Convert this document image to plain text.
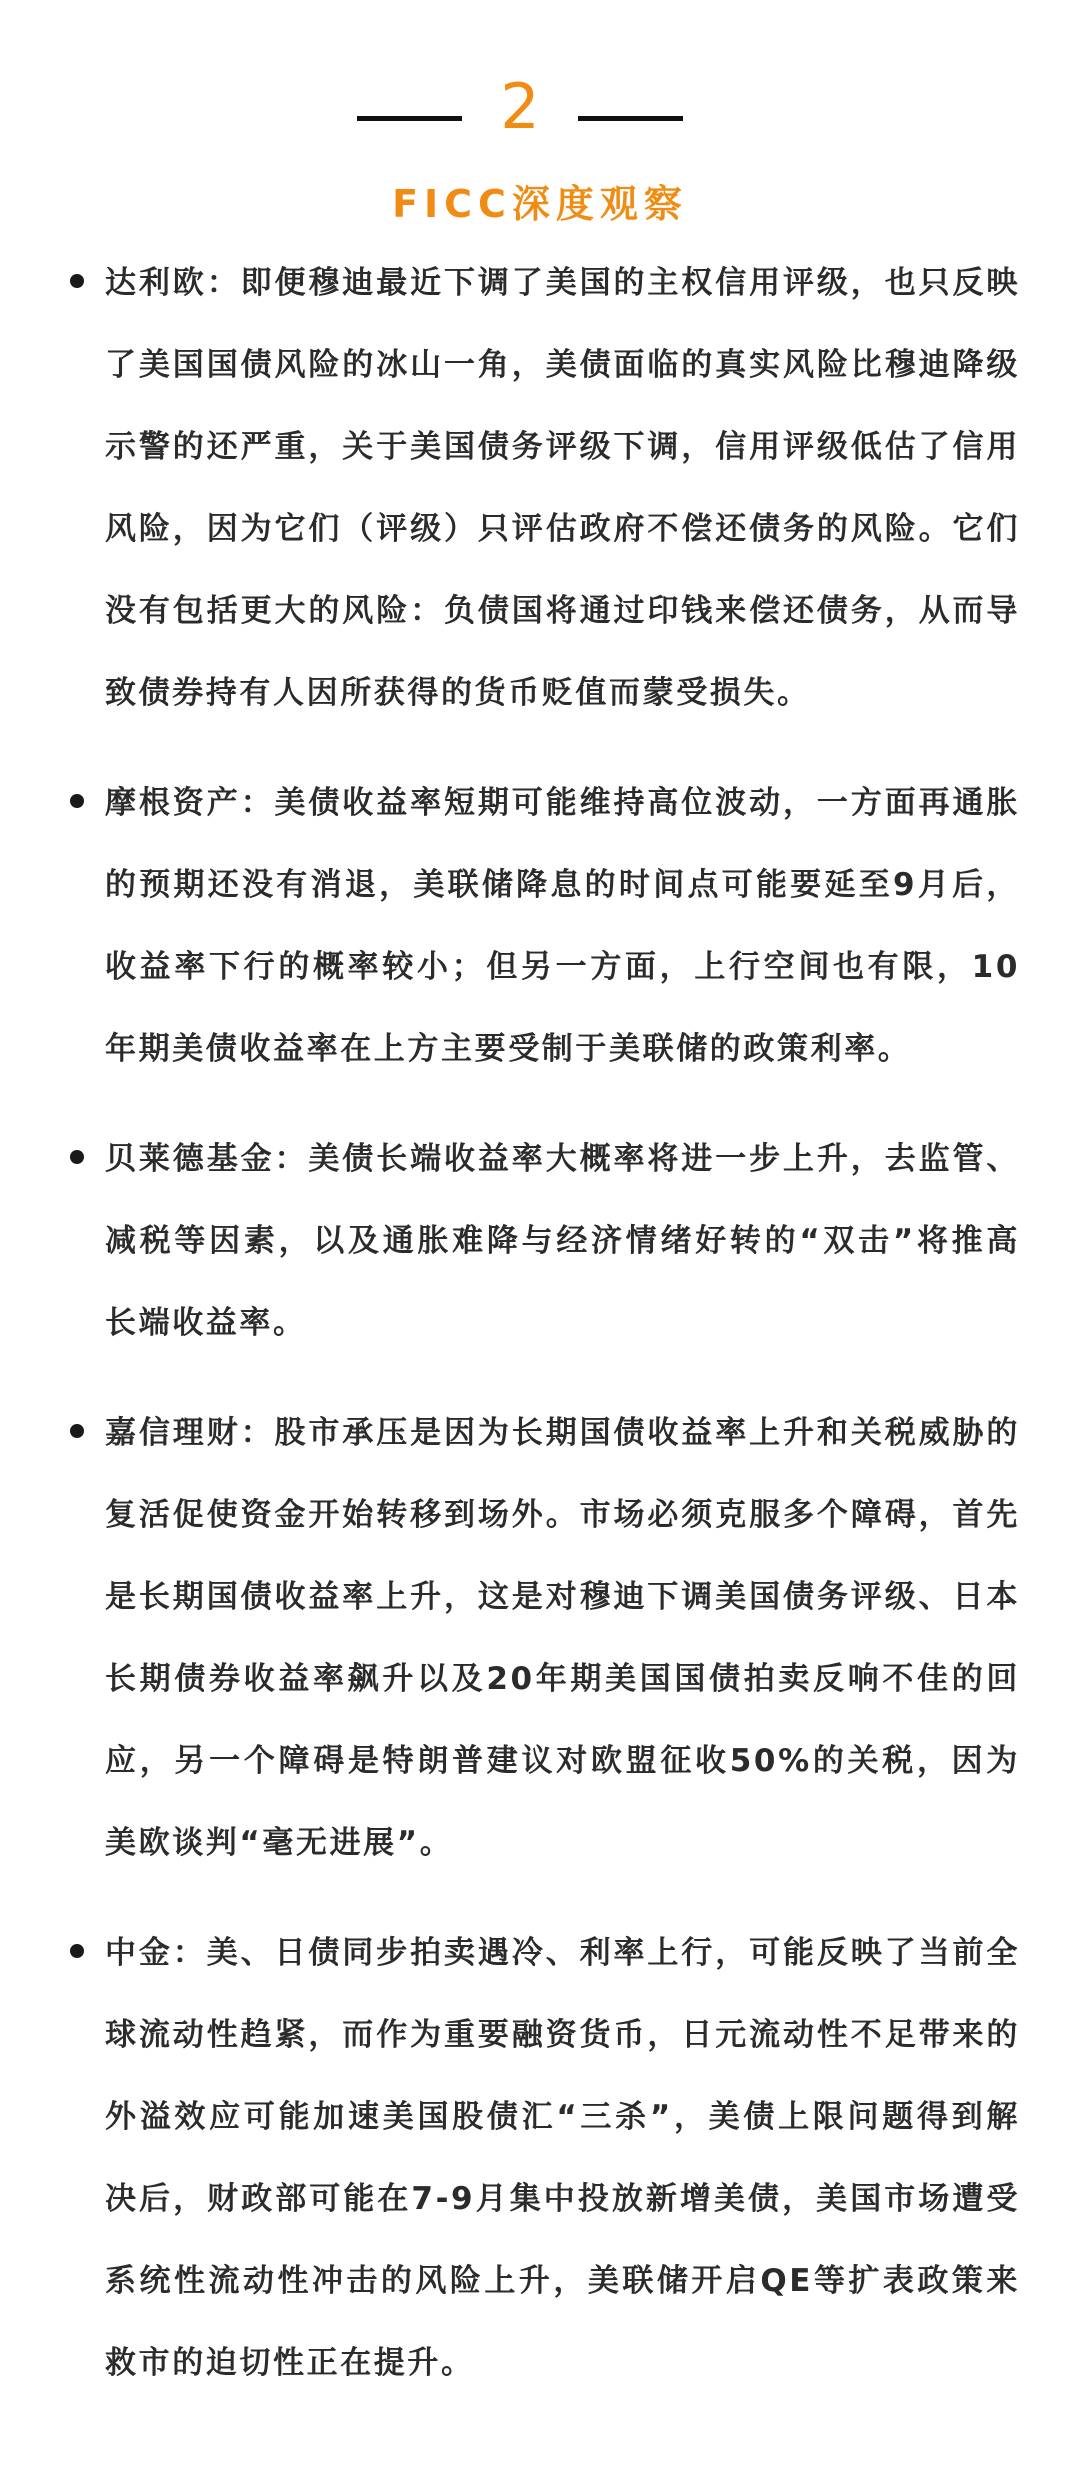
2
FICC深度观察
达利欧：即便穆迪最近下调了美国的主权信用评级，也只反映了美国国债风险的冰山一角，美债面临的真实风险比穆迪降级示警的还严重，关于美国债务评级下调，信用评级低估了信用风险，因为它们（评级）只评估政府不偿还债务的风险。它们没有包括更大的风险：负债国将通过印钱来偿还债务，从而导致债券持有人因所获得的货币贬值而蒙受损失。
摩根资产：美债收益率短期可能维持高位波动，一方面再通胀的预期还没有消退，美联储降息的时间点可能要延至9月后，收益率下行的概率较小；但另一方面，上行空间也有限，10年期美债收益率在上方主要受制于美联储的政策利率。
贝莱德基金：美债长端收益率大概率将进一步上升，去监管、减税等因素，以及通胀难降与经济情绪好转的“双击”将推高长端收益率。
嘉信理财：股市承压是因为长期国债收益率上升和关税威胁的复活促使资金开始转移到场外。市场必须克服多个障碍，首先是长期国债收益率上升，这是对穆迪下调美国债务评级、日本长期债券收益率飙升以及20年期美国国债拍卖反响不佳的回应，另一个障碍是特朗普建议对欧盟征收50%的关税，因为美欧谈判“毫无进展”。
中金：美、日债同步拍卖遇冷、利率上行，可能反映了当前全球流动性趋紧，而作为重要融资货币，日元流动性不足带来的外溢效应可能加速美国股债汇“三杀”，美债上限问题得到解决后，财政部可能在7-9月集中投放新增美债，美国市场遭受系统性流动性冲击的风险上升，美联储开启QE等扩表政策来救市的迫切性正在提升。
